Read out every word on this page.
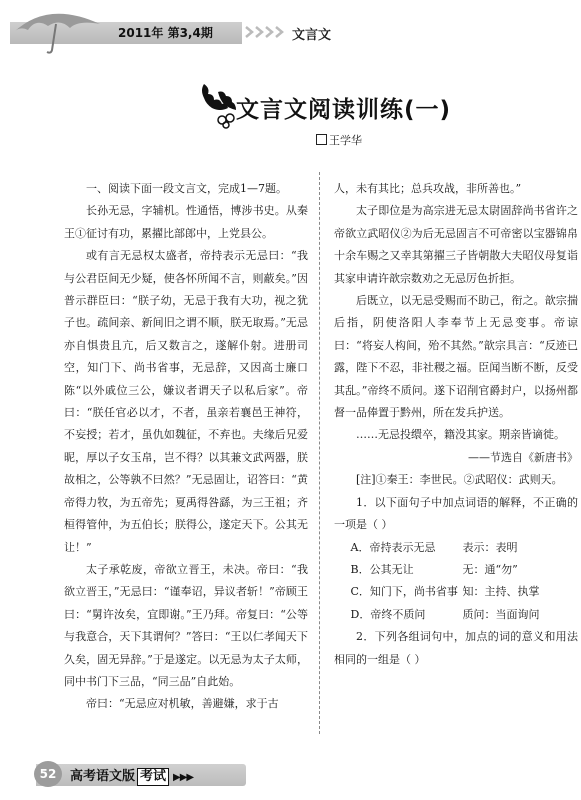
2011年 第3,4期	文言文
文言文阅读训练(一)
王学华

一、阅读下面一段文言文，完成1—7题。

长孙无忌，字辅机。性通悟，博涉书史。从秦王①征讨有功，累擢比部郎中，上党县公。

或有言无忌权太盛者，帝持表示无忌曰：“我与公君臣间无少疑，使各怀所闻不言，则蔽矣。”因普示群臣曰：“朕子幼，无忌于我有大功，视之犹子也。疏间亲、新间旧之谓不顺，朕无取焉。”无忌亦自惧贵且亢，后又数言之，遂解仆射。进册司空，知门下、尚书省事，无忌辞，又因高士廉口陈“以外戚位三公，嫌议者谓天子以私后家”。帝曰：“朕任官必以才，不者，虽亲若襄邑王神符，不妄授；若才，虽仇如魏征，不弃也。夫缘后兄爱昵，厚以子女玉帛，岂不得？以其兼文武两器，朕故相之，公等孰不曰然？”无忌固让，诏答曰：“黄帝得力牧，为五帝先；夏禹得咎繇，为三王祖；齐桓得管仲，为五伯长；朕得公，遂定天下。公其无让！”

太子承乾废，帝欲立晋王，未决。帝曰：“我欲立晋王，”无忌曰：“谨奉诏，异议者斩！”帝顾王曰：“舅许汝矣，宜即谢。”王乃拜。帝复曰：“公等与我意合，天下其谓何？”答曰：“王以仁孝闻天下久矣，固无异辞。”于是遂定。以无忌为太子太师，同中书门下三品，“同三品”自此始。

帝曰：“无忌应对机敏，善避嫌，求于古

人，未有其比；总兵攻战，非所善也。”

太子即位是为高宗进无忌太尉固辞尚书省许之帝欲立武昭仪②为后无忌固言不可帝密以宝器锦帛十余车赐之又幸其第擢三子皆朝散大夫昭仪母复诣其家申请许歆宗数劝之无忌厉色折拒。

后既立，以无忌受赐而不助己，衔之。歆宗揣后指，阴使洛阳人李奉节上无忌变事。帝谅曰：“将妄人构间，殆不其然。”歆宗具言：“反迹已露，陛下不忍，非社稷之福。臣闻当断不断，反受其乱。”帝终不质问。遂下诏削官爵封户，以扬州都督一品俸置于黔州，所在发兵护送。

……无忌投缳卒，籍没其家。期亲皆谪徙。

——节选自《新唐书》

[注]①秦王：李世民。②武昭仪：武则天。

1．以下面句子中加点词语的解释，不正确的一项是（ ）

A．帝持表示无忌 表示：表明

B．公其无让	无：通“勿”

C．知门下，尚书省事 知：主持、执掌

D．帝终不质问	质问：当面询问

2．下列各组词句中，加点的词的意义和用法相同的一组是（ ）

52	高考语文版 考试 ▶▶▶
